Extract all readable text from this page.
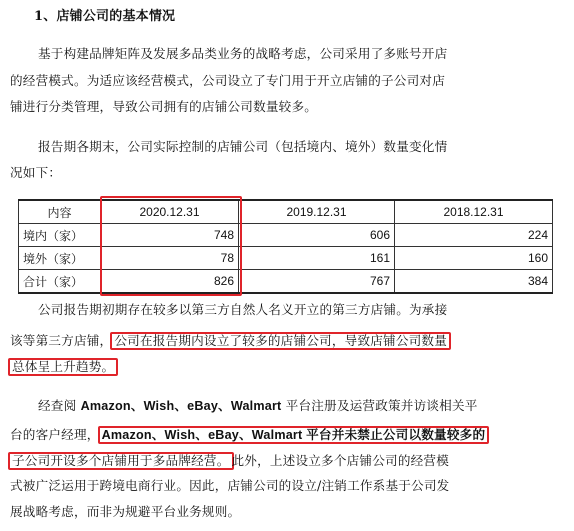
1、店铺公司的基本情况
基于构建品牌矩阵及发展多品类业务的战略考虑，公司采用了多账号开店
的经营模式。为适应该经营模式，公司设立了专门用于开立店铺的子公司对店
铺进行分类管理，导致公司拥有的店铺公司数量较多。
报告期各期末，公司实际控制的店铺公司（包括境内、境外）数量变化情
况如下：
内容	2020.12.31	2019.12.31	2018.12.31
境内（家）	748	606	224
境外（家）	78	161	160
合计（家）	826	767	384
公司报告期初期存在较多以第三方自然人名义开立的第三方店铺。为承接
该等第三方店铺， 公司在报告期内设立了较多的店铺公司，导致店铺公司数量
总体呈上升趋势。
经查阅 Amazon、Wish、eBay、Walmart 平台注册及运营政策并访谈相关平
台的客户经理， Amazon、Wish、eBay、Walmart 平台并未禁止公司以数量较多的
子公司开设多个店铺用于多品牌经营。 此外，上述设立多个店铺公司的经营模
式被广泛运用于跨境电商行业。因此，店铺公司的设立/注销工作系基于公司发
展战略考虑，而非为规避平台业务规则。
